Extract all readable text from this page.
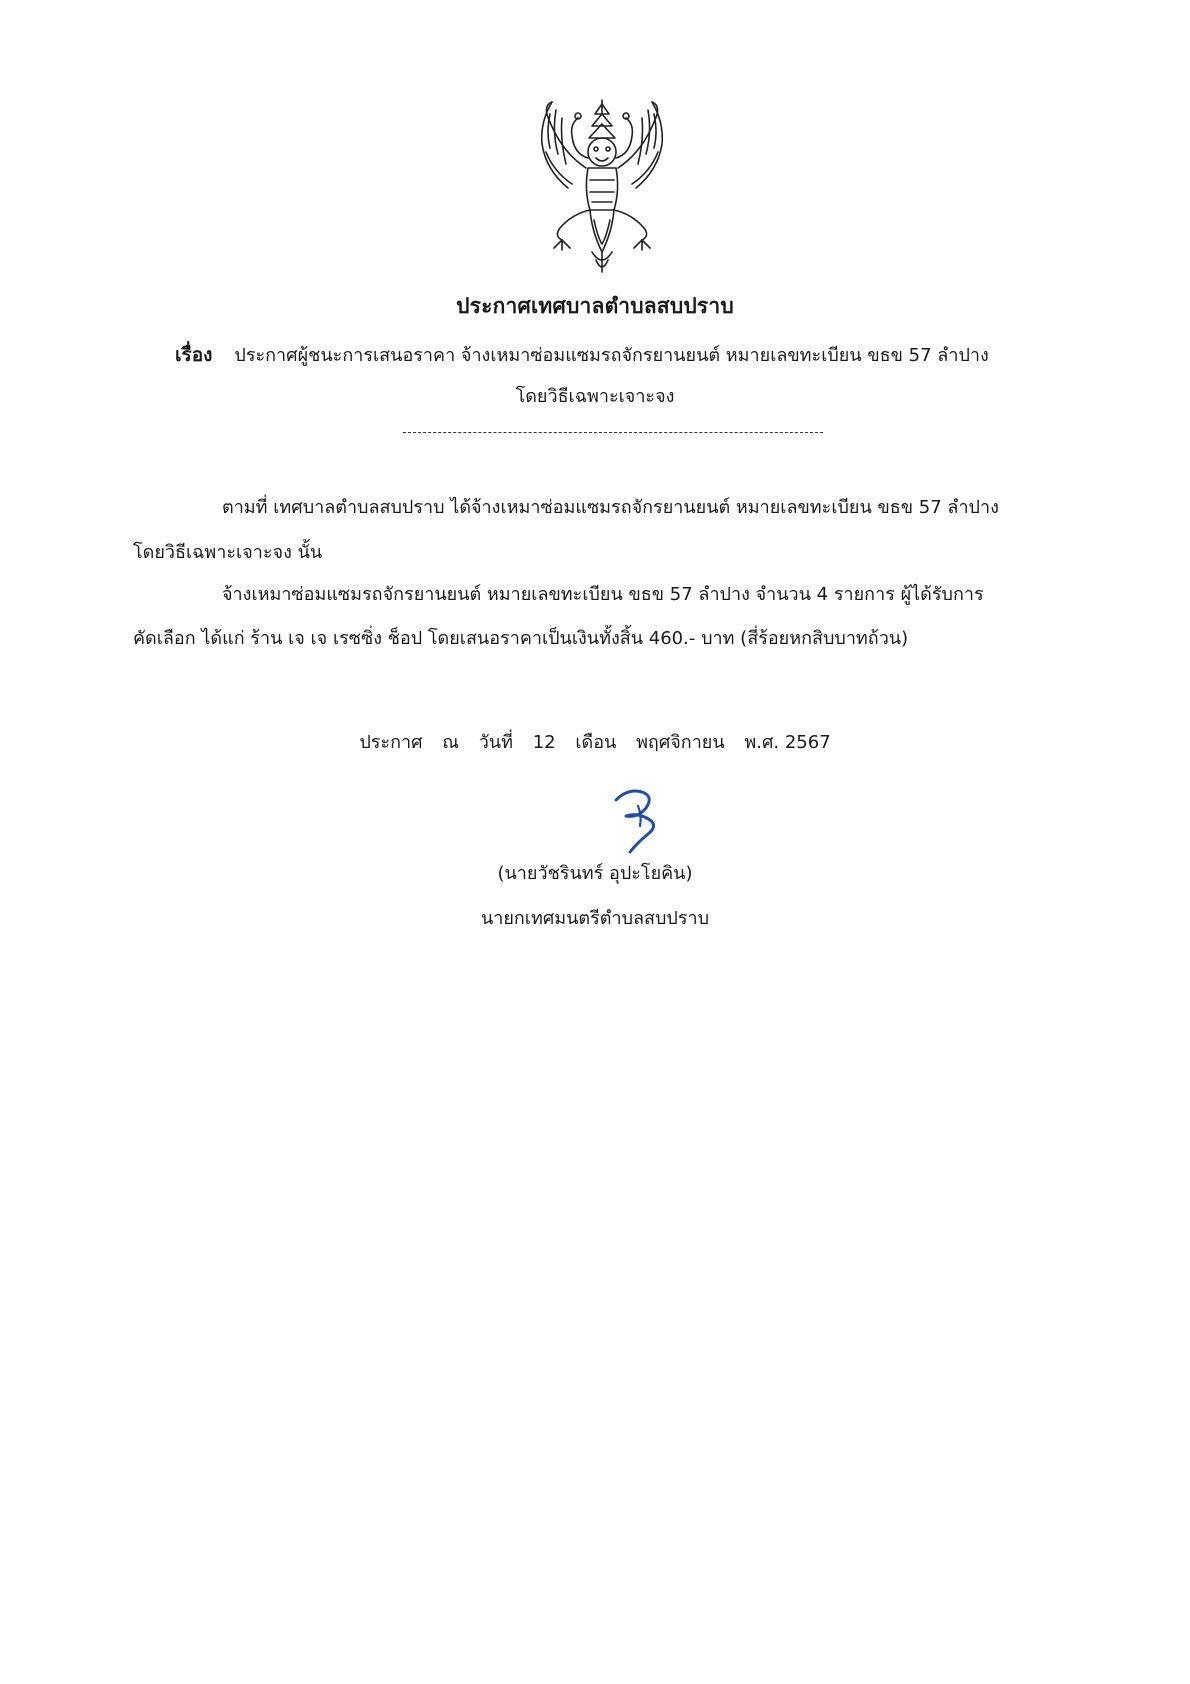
ประกาศเทศบาลตำบลสบปราบ
เรื่อง ประกาศผู้ชนะการเสนอราคา จ้างเหมาซ่อมแซมรถจักรยานยนต์ หมายเลขทะเบียน ขธข 57 ลำปาง
โดยวิธีเฉพาะเจาะจง
ตามที่ เทศบาลตำบลสบปราบ ได้จ้างเหมาซ่อมแซมรถจักรยานยนต์ หมายเลขทะเบียน ขธข 57 ลำปาง
โดยวิธีเฉพาะเจาะจง นั้น
จ้างเหมาซ่อมแซมรถจักรยานยนต์ หมายเลขทะเบียน ขธข 57 ลำปาง จำนวน 4 รายการ ผู้ได้รับการ
คัดเลือก ได้แก่ ร้าน เจ เจ เรซซิ่ง ช็อป โดยเสนอราคาเป็นเงินทั้งสิ้น 460.- บาท (สี่ร้อยหกสิบบาทถ้วน)
ประกาศ ณ วันที่ 12 เดือน พฤศจิกายน พ.ศ. 2567
(นายวัชรินทร์ อุปะโยคิน)
นายกเทศมนตรีตำบลสบปราบ
